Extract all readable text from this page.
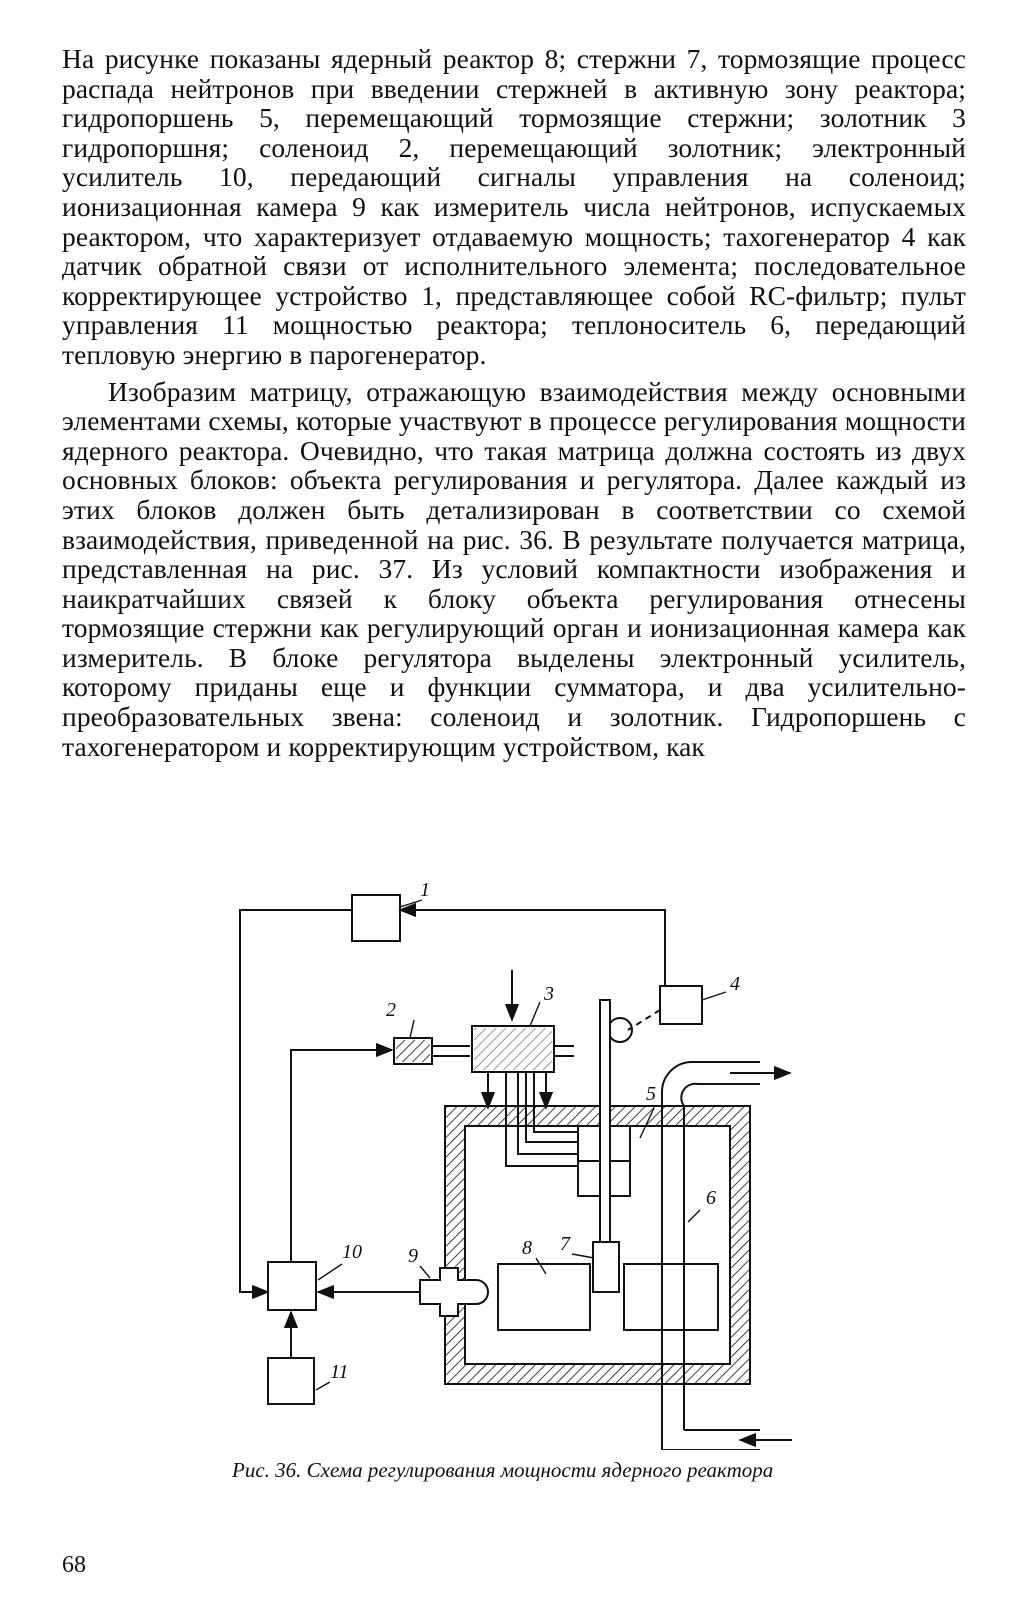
На рисунке показаны ядерный реактор 8; стержни 7, тормозящие процесс распада нейтронов при введении стержней в активную зону реактора; гидропоршень 5, перемещающий тормозящие стержни; золотник 3 гидропоршня; соленоид 2, перемещающий золотник; электронный усилитель 10, передающий сигналы управления на соленоид; ионизационная камера 9 как измеритель числа нейтронов, испускаемых реактором, что характеризует отдаваемую мощность; тахогенератор 4 как датчик обратной связи от исполнительного элемента; последовательное корректирующее устройство 1, представляющее собой RC-фильтр; пульт управления 11 мощностью реактора; теплоноситель 6, передающий тепловую энергию в парогенератор.

Изобразим матрицу, отражающую взаимодействия между основными элементами схемы, которые участвуют в процессе регулирования мощности ядерного реактора. Очевидно, что такая матрица должна состоять из двух основных блоков: объекта регулирования и регулятора. Далее каждый из этих блоков должен быть детализирован в соответствии со схемой взаимодействия, приведенной на рис. 36. В результате получается матрица, представленная на рис. 37. Из условий компактности изображения и наикратчайших связей к блоку объекта регулирования отнесены тормозящие стержни как регулирующий орган и ионизационная камера как измеритель. В блоке регулятора выделены электронный усилитель, которому приданы еще и функции сумматора, и два усилительно-преобразовательных звена: соленоид и золотник. Гидропоршень с тахогенератором и корректирующим устройством, как

1
4
2
3
5
6
8 7
10 9
11
Рис. 36. Схема регулирования мощности ядерного реактора
68
